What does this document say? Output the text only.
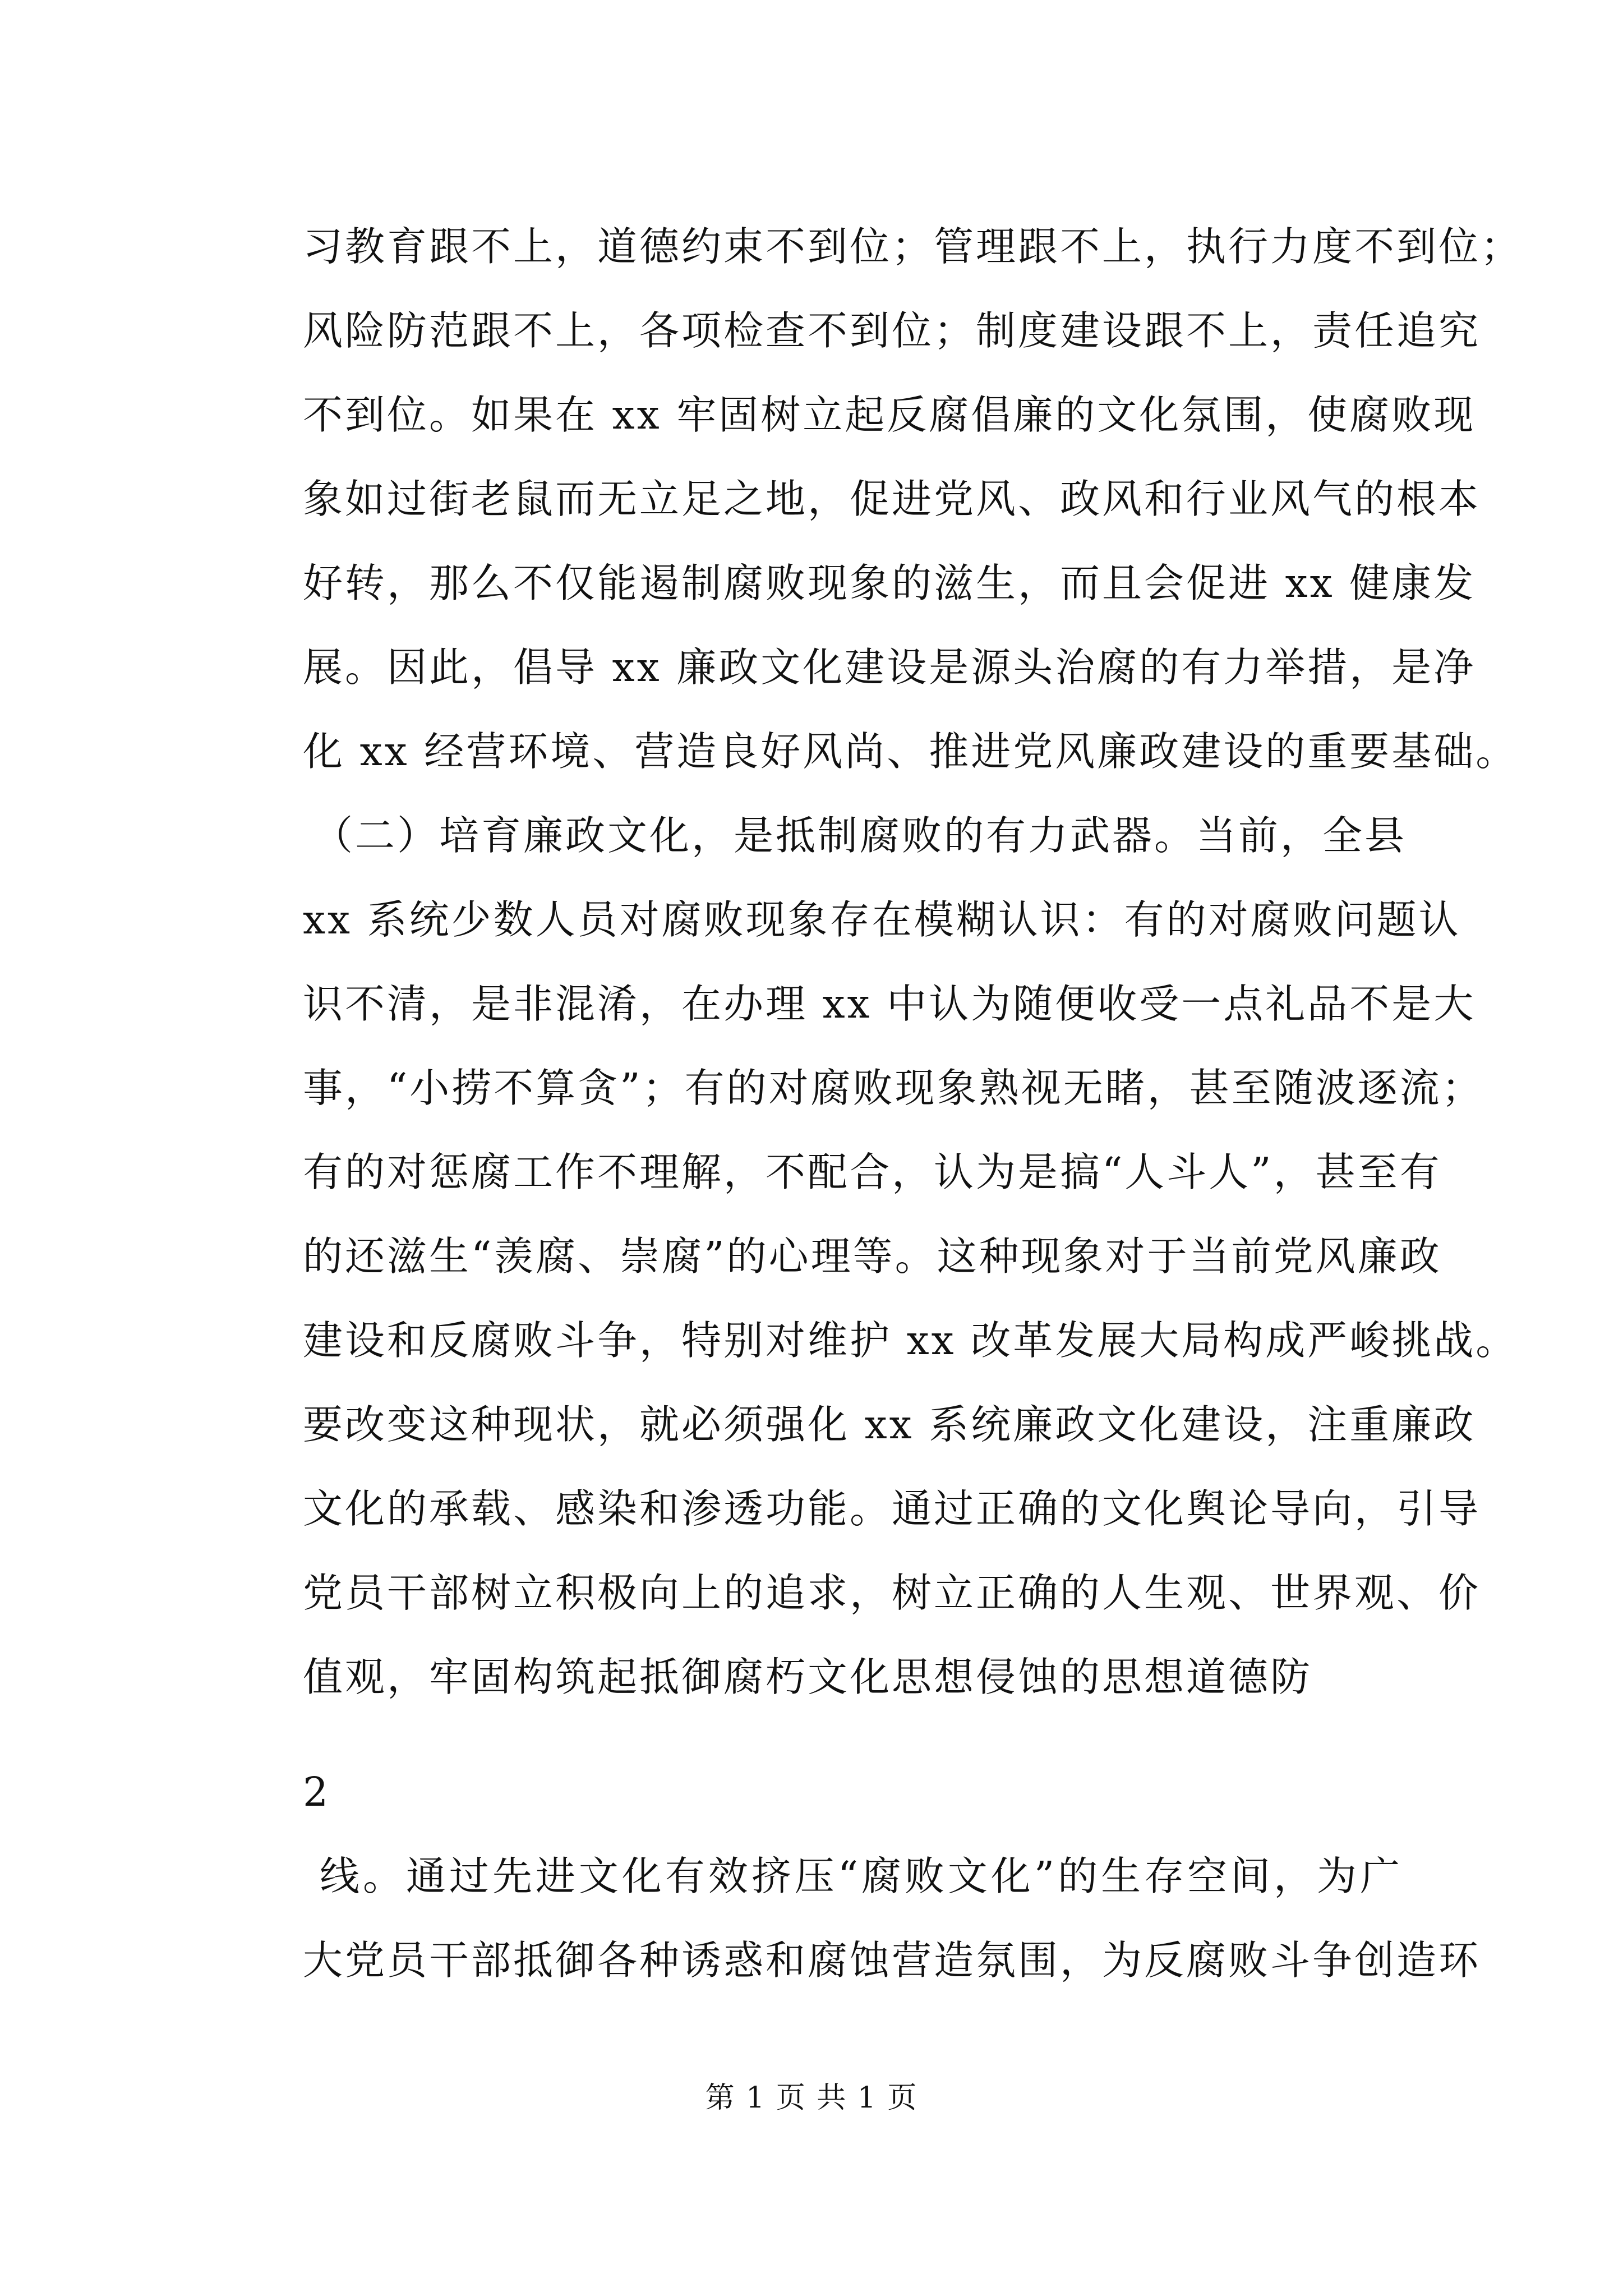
习教育跟不上，道德约束不到位；管理跟不上，执行力度不到位；
风险防范跟不上，各项检查不到位；制度建设跟不上，责任追究
不到位。如果在 xx 牢固树立起反腐倡廉的文化氛围，使腐败现
象如过街老鼠而无立足之地，促进党风、政风和行业风气的根本
好转，那么不仅能遏制腐败现象的滋生，而且会促进 xx 健康发
展。因此，倡导 xx 廉政文化建设是源头治腐的有力举措，是净
化 xx 经营环境、营造良好风尚、推进党风廉政建设的重要基础。
（二）培育廉政文化，是抵制腐败的有力武器。当前，全县
xx 系统少数人员对腐败现象存在模糊认识：有的对腐败问题认
识不清，是非混淆，在办理 xx 中认为随便收受一点礼品不是大
事，“小捞不算贪”；有的对腐败现象熟视无睹，甚至随波逐流；
有的对惩腐工作不理解，不配合，认为是搞“人斗人”，甚至有
的还滋生“羡腐、崇腐”的心理等。这种现象对于当前党风廉政
建设和反腐败斗争，特别对维护 xx 改革发展大局构成严峻挑战。
要改变这种现状，就必须强化 xx 系统廉政文化建设，注重廉政
文化的承载、感染和渗透功能。通过正确的文化舆论导向，引导
党员干部树立积极向上的追求，树立正确的人生观、世界观、价
值观，牢固构筑起抵御腐朽文化思想侵蚀的思想道德防
2
线。通过先进文化有效挤压“腐败文化”的生存空间，为广
大党员干部抵御各种诱惑和腐蚀营造氛围，为反腐败斗争创造环
第 1 页 共 1 页
